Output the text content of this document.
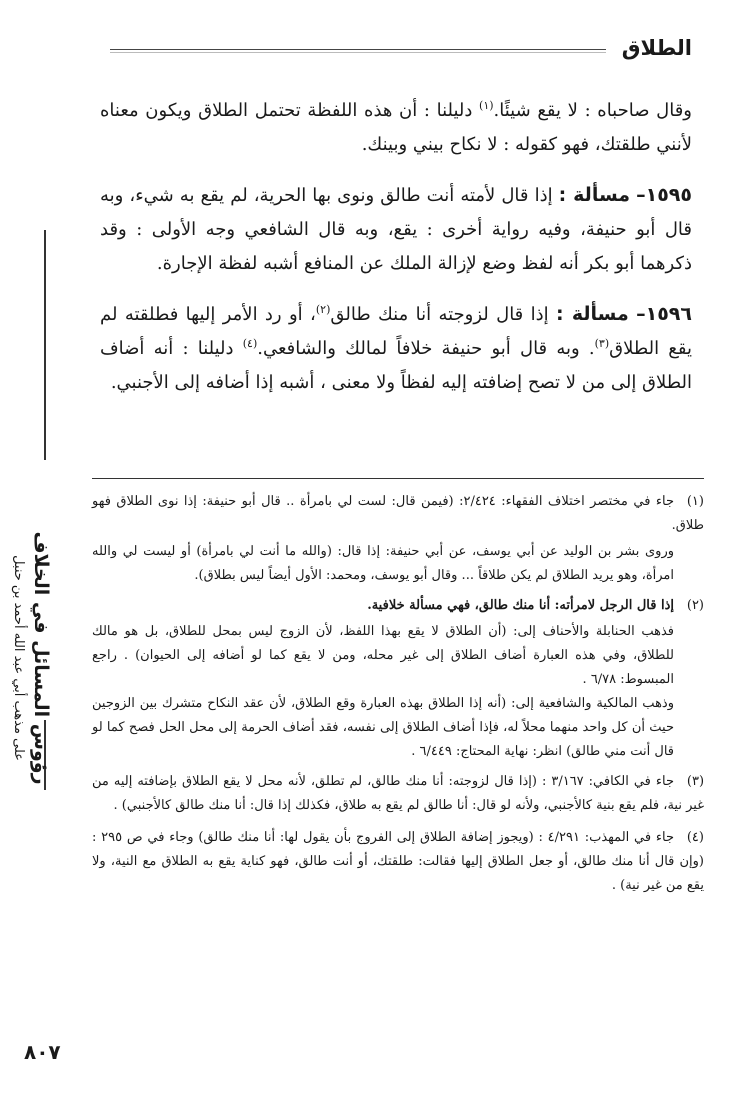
الطلاق
رؤوس المسائل في الخلاف
على مذهب أبي عبد الله أحمد بن حنبل

وقال صاحباه : لا يقع شيئًا.$^{(١)}$ دليلنا : أن هذه اللفظة تحتمل الطلاق ويكون معناه لأنني طلقتك، فهو كقوله : لا نكاح بيني وبينك.

١٥٩٥– مسألة : إذا قال لأمته أنت طالق ونوى بها الحرية، لم يقع به شيء، وبه قال أبو حنيفة، وفيه رواية أخرى : يقع، وبه قال الشافعي وجه الأولى : وقد ذكرهما أبو بكر أنه لفظ وضع لإزالة الملك عن المنافع أشبه لفظة الإجارة.

١٥٩٦– مسألة : إذا قال لزوجته أنا منك طالق$^{(٢)}$، أو رد الأمر إليها فطلقته لم يقع الطلاق$^{(٣)}$. وبه قال أبو حنيفة خلافاً لمالك والشافعي.$^{(٤)}$ دليلنا : أنه أضاف الطلاق إلى من لا تصح إضافته إليه لفظاً ولا معنى ، أشبه إذا أضافه إلى الأجنبي.

(١)جاء في مختصر اختلاف الفقهاء: ٢/٤٢٤: (فيمن قال: لست لي بامرأة .. قال أبو حنيفة: إذا نوى الطلاق فهو طلاق.

وروى بشر بن الوليد عن أبي يوسف، عن أبي حنيفة: إذا قال: (والله ما أنت لي بامرأة) أو ليست لي والله امرأة، وهو يريد الطلاق لم يكن طلاقاً ... وقال أبو يوسف، ومحمد: الأول أيضاً ليس بطلاق).

(٢)إذا قال الرجل لامرأته: أنا منك طالق، فهي مسألة خلافية.

فذهب الحنابلة والأحناف إلى: (أن الطلاق لا يقع بهذا اللفظ، لأن الزوج ليس بمحل للطلاق، بل هو مالك للطلاق، وفي هذه العبارة أضاف الطلاق إلى غير محله، ومن لا يقع كما لو أضافه إلى الحيوان) . راجع المبسوط: ٦/٧٨ .

وذهب المالكية والشافعية إلى: (أنه إذا الطلاق بهذه العبارة وقع الطلاق، لأن عقد النكاح متشرك بين الزوجين حيث أن كل واحد منهما محلاً له، فإذا أضاف الطلاق إلى نفسه، فقد أضاف الحرمة إلى محل الحل فصح كما لو قال أنت مني طالق) انظر: نهاية المحتاج: ٦/٤٤٩ .

(٣)جاء في الكافي: ٣/١٦٧ : (إذا قال لزوجته: أنا منك طالق، لم تطلق، لأنه محل لا يقع الطلاق بإضافته إليه من غير نية، فلم يقع بنية كالأجنبي، ولأنه لو قال: أنا طالق لم يقع به طلاق، فكذلك إذا قال: أنا منك طالق كالأجنبي) .

(٤)جاء في المهذب: ٤/٢٩١ : (ويجوز إضافة الطلاق إلى الفروج بأن يقول لها: أنا منك طالق) وجاء في ص ٢٩٥ : (وإن قال أنا منك طالق، أو جعل الطلاق إليها فقالت: طلقتك، أو أنت طالق، فهو كناية يقع به الطلاق مع النية، ولا يقع من غير نية) .

٨٠٧
